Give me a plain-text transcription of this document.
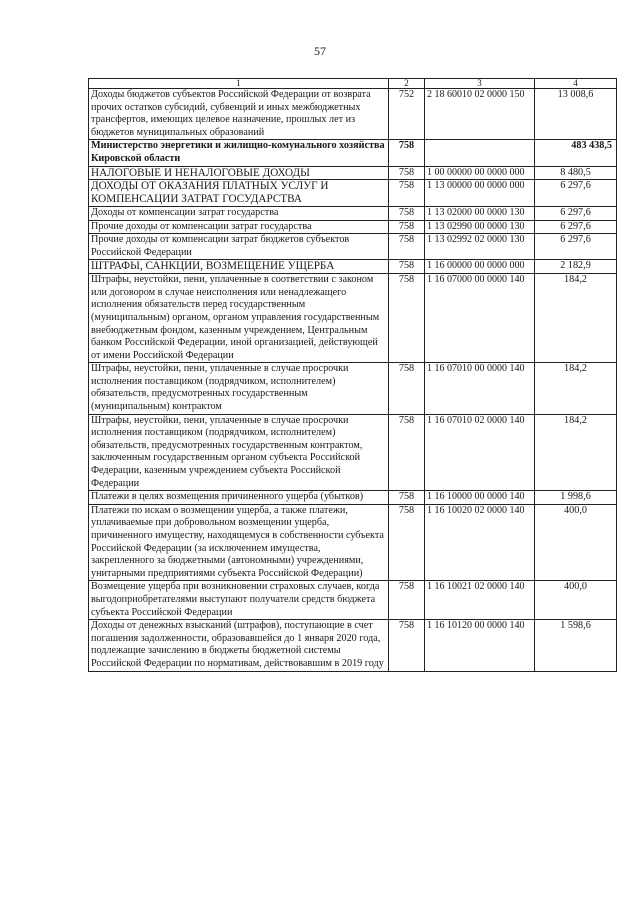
57
1	2	3	4
Доходы бюджетов субъектов Российской Федерации от возврата прочих остатков субсидий, субвенций и иных межбюджетных трансфертов, имеющих целевое назначение, прошлых лет из бюджетов муниципальных образований	752	2 18 60010 02 0000 150	13 008,6
Министерство энергетики и жилищно-комунального хозяйства Кировской области	758		483 438,5
НАЛОГОВЫЕ И НЕНАЛОГОВЫЕ ДОХОДЫ	758	1 00 00000 00 0000 000	8 480,5
ДОХОДЫ ОТ ОКАЗАНИЯ ПЛАТНЫХ УСЛУГ И КОМПЕНСАЦИИ ЗАТРАТ ГОСУДАРСТВА	758	1 13 00000 00 0000 000	6 297,6
Доходы от компенсации затрат государства	758	1 13 02000 00 0000 130	6 297,6
Прочие доходы от компенсации затрат государства	758	1 13 02990 00 0000 130	6 297,6
Прочие доходы от компенсации затрат бюджетов субъектов Российской Федерации	758	1 13 02992 02 0000 130	6 297,6
ШТРАФЫ, САНКЦИИ, ВОЗМЕЩЕНИЕ УЩЕРБА	758	1 16 00000 00 0000 000	2 182,9
Штрафы, неустойки, пени, уплаченные в соответствии с законом или договором в случае неисполнения или ненадлежащего исполнения обязательств перед государственным (муниципальным) органом, органом управления государственным внебюджетным фондом, казенным учреждением, Центральным банком Российской Федерации, иной организацией, действующей от имени Российской Федерации	758	1 16 07000 00 0000 140	184,2
Штрафы, неустойки, пени, уплаченные в случае просрочки исполнения поставщиком (подрядчиком, исполнителем) обязательств, предусмотренных государственным (муниципальным) контрактом	758	1 16 07010 00 0000 140	184,2
Штрафы, неустойки, пени, уплаченные в случае просрочки исполнения поставщиком (подрядчиком, исполнителем) обязательств, предусмотренных государственным контрактом, заключенным государственным органом субъекта Российской Федерации, казенным учреждением субъекта Российской Федерации	758	1 16 07010 02 0000 140	184,2
Платежи в целях возмещения причиненного ущерба (убытков)	758	1 16 10000 00 0000 140	1 998,6
Платежи по искам о возмещении ущерба, а также платежи, уплачиваемые при добровольном возмещении ущерба, причиненного имуществу, находящемуся в собственности субъекта Российской Федерации (за исключением имущества, закрепленного за бюджетными (автономными) учреждениями, унитарными предприятиями субъекта Российской Федерации)	758	1 16 10020 02 0000 140	400,0
Возмещение ущерба при возникновении страховых случаев, когда выгодоприобретателями выступают получатели средств бюджета субъекта Российской Федерации	758	1 16 10021 02 0000 140	400,0
Доходы от денежных взысканий (штрафов), поступающие в счет погашения задолженности, образовавшейся до 1 января 2020 года, подлежащие зачислению в бюджеты бюджетной системы Российской Федерации по нормативам, действовавшим в 2019 году	758	1 16 10120 00 0000 140	1 598,6
